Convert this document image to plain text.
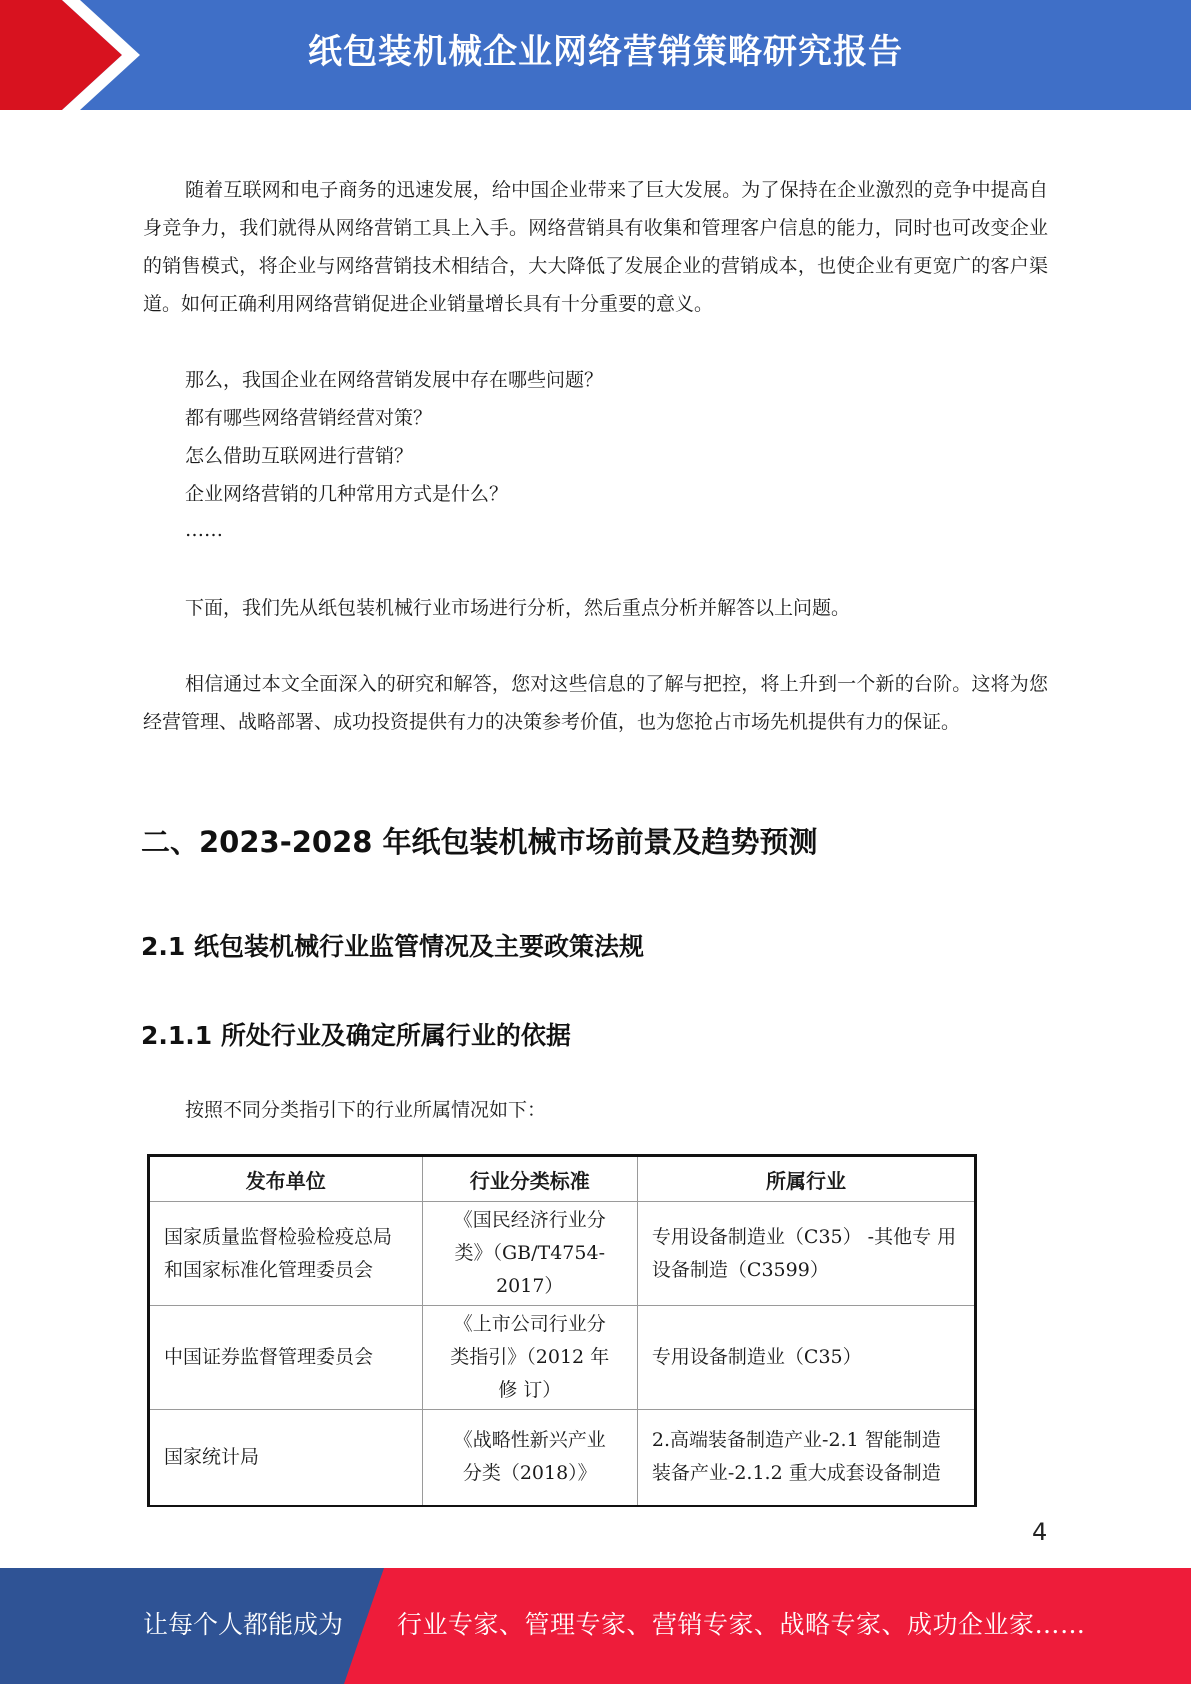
纸包装机械企业网络营销策略研究报告
随着互联网和电子商务的迅速发展，给中国企业带来了巨大发展。为了保持在企业激烈的竞争中提高自身竞争力，我们就得从网络营销工具上入手。网络营销具有收集和管理客户信息的能力，同时也可改变企业的销售模式，将企业与网络营销技术相结合，大大降低了发展企业的营销成本，也使企业有更宽广的客户渠道。如何正确利用网络营销促进企业销量增长具有十分重要的意义。
那么，我国企业在网络营销发展中存在哪些问题？
都有哪些网络营销经营对策？
怎么借助互联网进行营销？
企业网络营销的几种常用方式是什么？
……
下面，我们先从纸包装机械行业市场进行分析，然后重点分析并解答以上问题。
相信通过本文全面深入的研究和解答，您对这些信息的了解与把控，将上升到一个新的台阶。这将为您经营管理、战略部署、成功投资提供有力的决策参考价值，也为您抢占市场先机提供有力的保证。
二、2023-2028 年纸包装机械市场前景及趋势预测
2.1 纸包装机械行业监管情况及主要政策法规
2.1.1 所处行业及确定所属行业的依据
按照不同分类指引下的行业所属情况如下：
发布单位	行业分类标准	所属行业
国家质量监督检验检疫总局和国家标准化管理委员会	《国民经济行业分类》（GB/T4754-2017）	专用设备制造业（C35） -其他专 用设备制造（C3599）
中国证券监督管理委员会	《上市公司行业分类指引》（2012 年修 订）	专用设备制造业（C35）
国家统计局	《战略性新兴产业分类（2018）》	2.高端装备制造产业-2.1 智能制造 装备产业-2.1.2 重大成套设备制造
4
让每个人都能成为 行业专家、管理专家、营销专家、战略专家、成功企业家……
